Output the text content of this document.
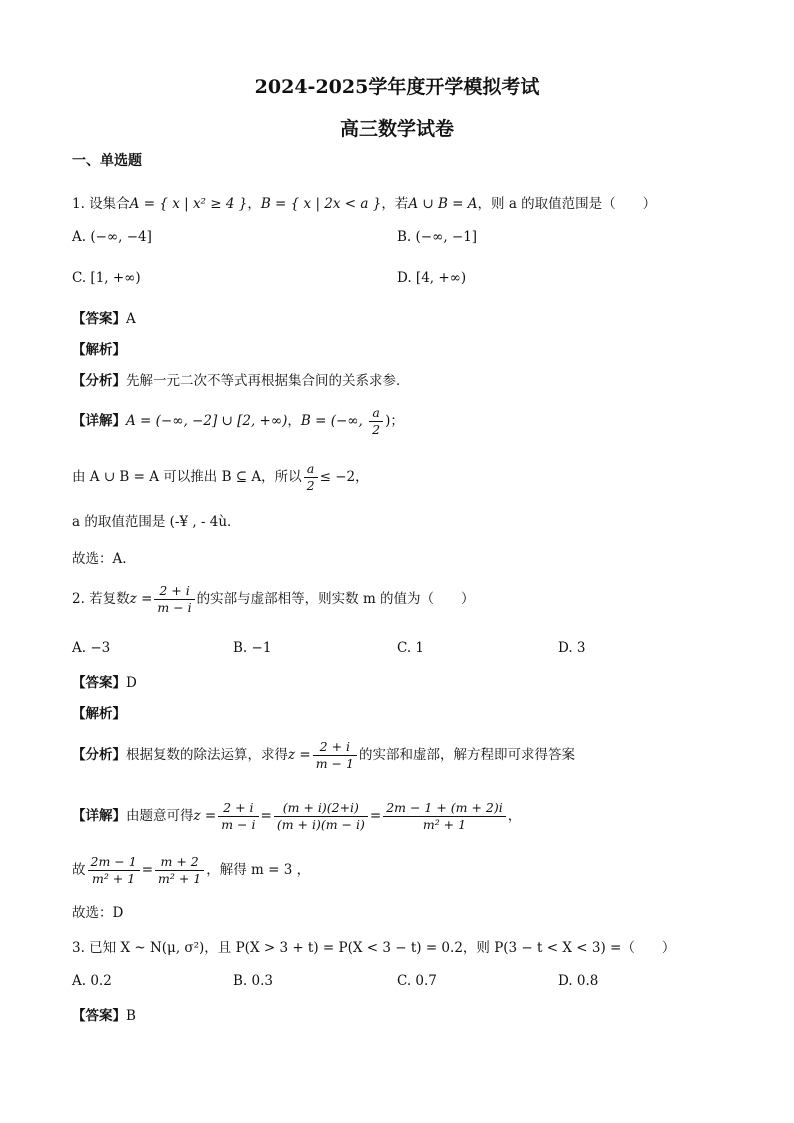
2024-2025学年度开学模拟考试
高三数学试卷
一、单选题
1. 设集合A = { x | x² ≥ 4 }，B = { x | 2x < a }，若A ∪ B = A，则 a 的取值范围是（　　）
A. (−∞, −4]	B. (−∞, −1]
C. [1, +∞)	D. [4, +∞)
【答案】A
【解析】
【分析】先解一元二次不等式再根据集合间的关系求参．
【详解】A = (−∞, −2] ∪ [2, +∞)，B = (−∞, $\frac{a}{2}$ )；
由 A ∪ B = A 可以推出 B ⊆ A，所以 $\frac{a}{2} \le -2$，
a 的取值范围是 (-¥ , - 4ù．
故选：A.
2. 若复数$z = \frac{2 + i}{m - i}$ 的实部与虚部相等，则实数 m 的值为（　　）
A. −3	B. −1	C. 1	D. 3
【答案】D
【解析】
【分析】根据复数的除法运算，求得$z = \frac{2 + i}{m - 1}$ 的实部和虚部，解方程即可求得答案
【详解】由题意可得$z = \frac{2 + i}{m - i} = \frac{(m + i)(2+i)}{(m + i)(m - i)} = \frac{2m - 1 + (m + 2)i}{\text{m² + 1}}$ ，
故 $\frac{2m - 1}{\text{m² + 1}} = \frac{m + 2}{\text{m² + 1}}$ ，解得 m = 3 ，
故选：D
3. 已知 X ~ N(μ, σ²)，且 P(X > 3 + t) = P(X < 3 − t) = 0.2，则 P(3 − t < X < 3) =（　　）
A. 0.2	B. 0.3	C. 0.7	D. 0.8
【答案】B
